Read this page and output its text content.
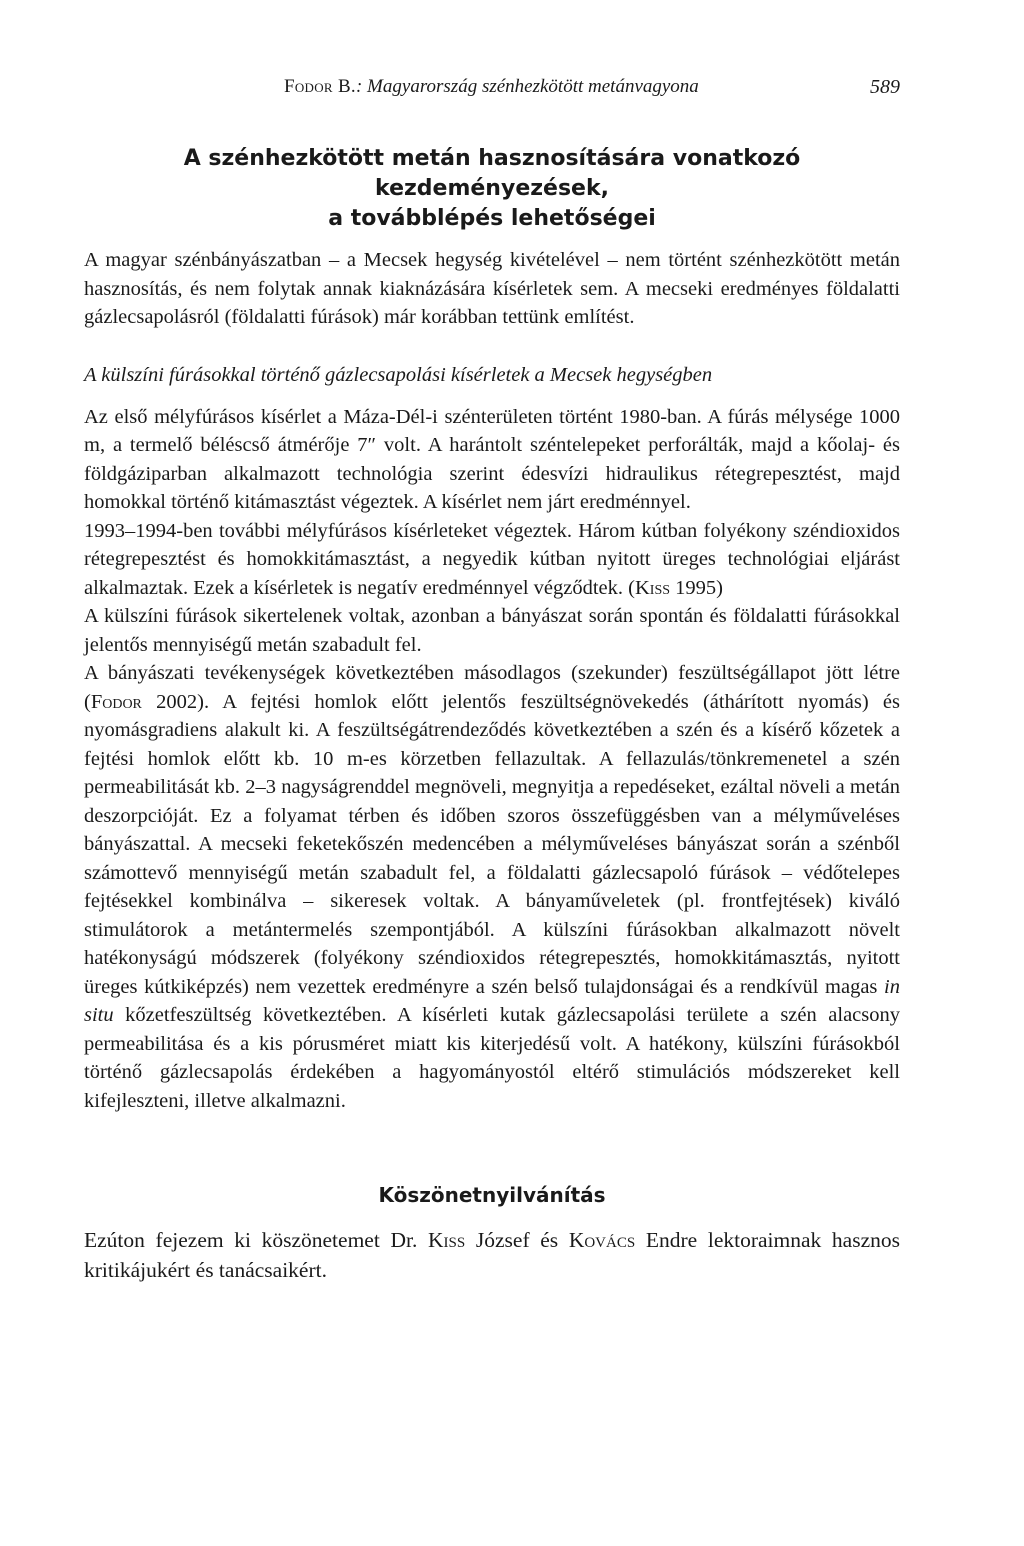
Fodor B.: Magyarország szénhezkötött metánvagyona	589
A szénhezkötött metán hasznosítására vonatkozó kezdeményezések,
a továbblépés lehetőségei

A magyar szénbányászatban – a Mecsek hegység kivételével – nem történt szénhezkötött metán hasznosítás, és nem folytak annak kiaknázására kísérletek sem. A mecseki eredményes földalatti gázlecsapolásról (földalatti fúrások) már korábban tettünk említést.

A külszíni fúrásokkal történő gázlecsapolási kísérletek a Mecsek hegységben

Az első mélyfúrásos kísérlet a Máza-Dél-i szénterületen történt 1980-ban. A fúrás mélysége 1000 m, a termelő béléscső átmérője 7″ volt. A harántolt széntelepeket perforálták, majd a kőolaj- és földgáziparban alkalmazott technológia szerint édesvízi hidraulikus rétegrepesztést, majd homokkal történő kitámasztást végeztek. A kísérlet nem járt eredménnyel.

1993–1994-ben további mélyfúrásos kísérleteket végeztek. Három kútban folyékony széndioxidos rétegrepesztést és homokkitámasztást, a negyedik kútban nyitott üreges technológiai eljárást alkalmaztak. Ezek a kísérletek is negatív eredménnyel végződtek. (Kiss 1995)

A külszíni fúrások sikertelenek voltak, azonban a bányászat során spontán és földalatti fúrásokkal jelentős mennyiségű metán szabadult fel.

A bányászati tevékenységek következtében másodlagos (szekunder) feszültségállapot jött létre (Fodor 2002). A fejtési homlok előtt jelentős feszültségnövekedés (áthárított nyomás) és nyomásgradiens alakult ki. A feszültségátrendeződés következtében a szén és a kísérő kőzetek a fejtési homlok előtt kb. 10 m-es körzetben fellazultak. A fellazulás/tönkremenetel a szén permeabilitását kb. 2–3 nagyságrenddel megnöveli, megnyitja a repedéseket, ezáltal növeli a metán deszorpcióját. Ez a folyamat térben és időben szoros összefüggésben van a mélyműveléses bányászattal. A mecseki feketekőszén medencében a mélyműveléses bányászat során a szénből számottevő mennyiségű metán szabadult fel, a földalatti gázlecsapoló fúrások – védőtelepes fejtésekkel kombinálva – sikeresek voltak. A bányaműveletek (pl. frontfejtések) kiváló stimulátorok a metántermelés szempontjából. A külszíni fúrásokban alkalmazott növelt hatékonyságú módszerek (folyékony széndioxidos rétegrepesztés, homokkitámasztás, nyitott üreges kútkiképzés) nem vezettek eredményre a szén belső tulajdonságai és a rendkívül magas in situ kőzetfeszültség következtében. A kísérleti kutak gázlecsapolási területe a szén alacsony permeabilitása és a kis pórusméret miatt kis kiterjedésű volt. A hatékony, külszíni fúrásokból történő gázlecsapolás érdekében a hagyományostól eltérő stimulációs módszereket kell kifejleszteni, illetve alkalmazni.

Köszönetnyilvánítás

Ezúton fejezem ki köszönetemet Dr. Kiss József és Kovács Endre lektoraimnak hasznos kritikájukért és tanácsaikért.
